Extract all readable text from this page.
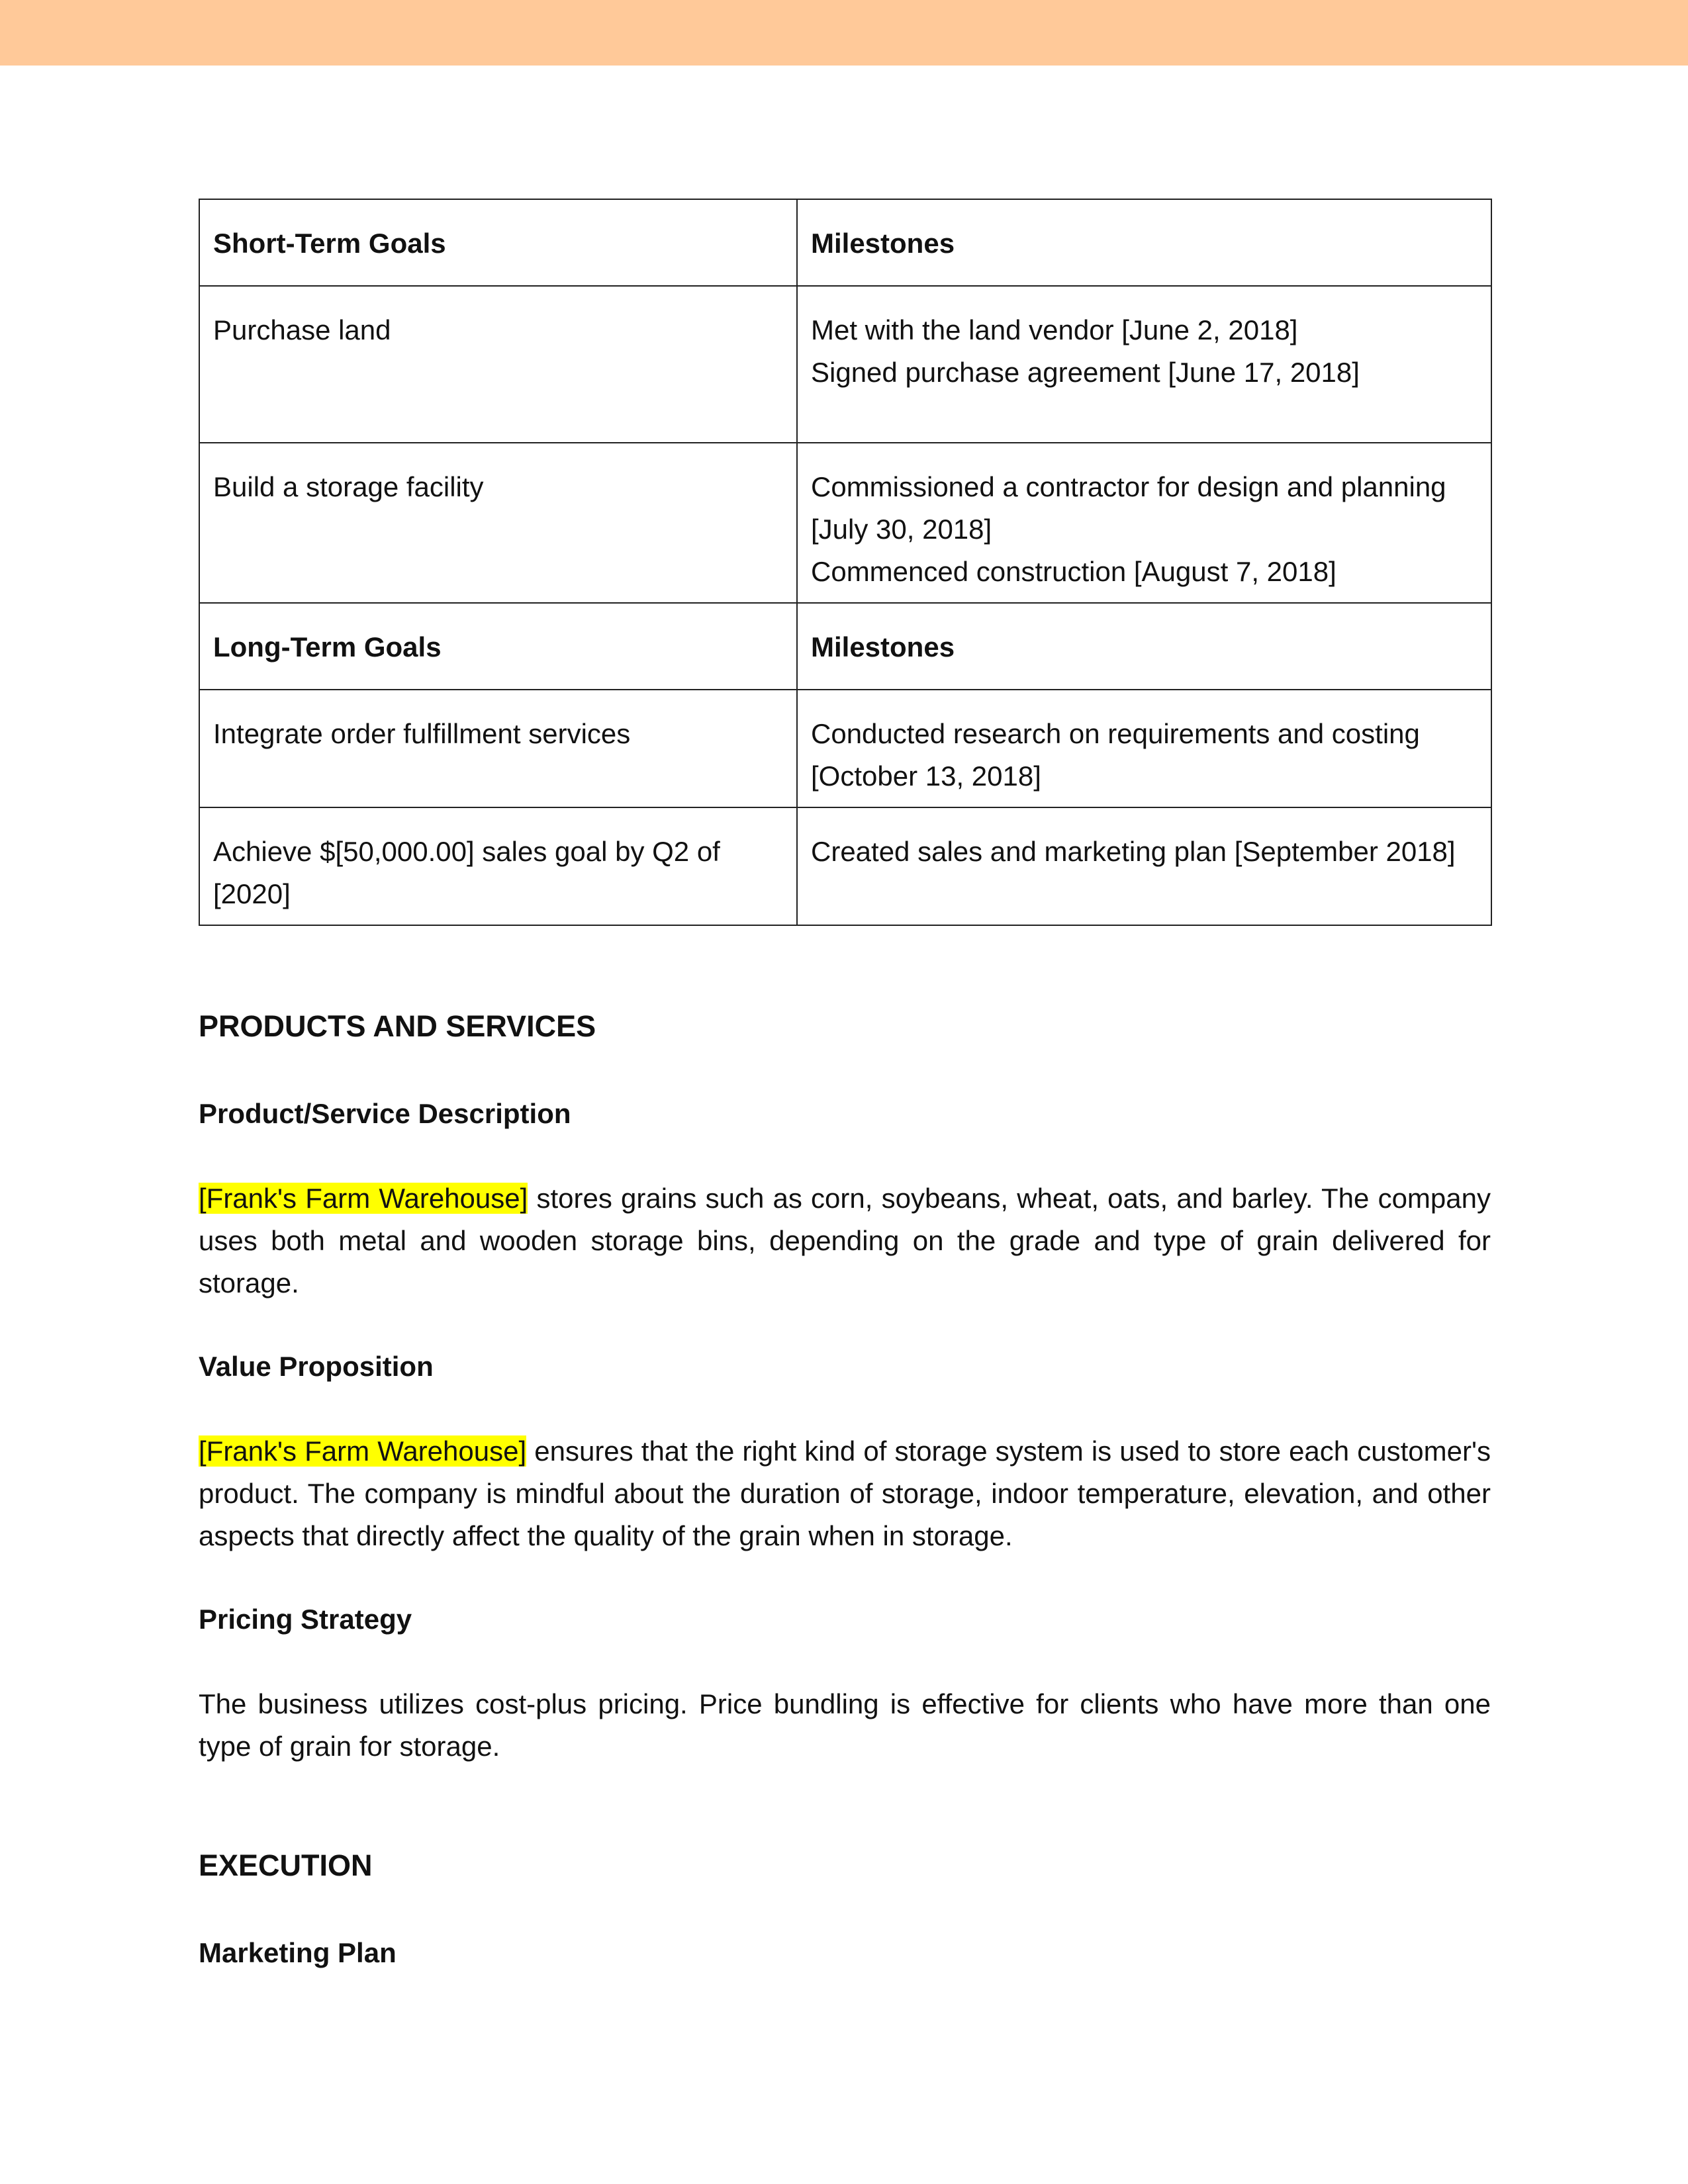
Short-Term Goals	Milestones
Purchase land	Met with the land vendor [June 2, 2018]
Signed purchase agreement [June 17, 2018]

Build a storage facility	Commissioned a contractor for design and planning [July 30, 2018]
Commenced construction [August 7, 2018]

Long-Term Goals	Milestones
Integrate order fulfillment services	Conducted research on requirements and costing [October 13, 2018]

Achieve $[50,000.00] sales goal by Q2 of [2020]	Created sales and marketing plan [September 2018]
PRODUCTS AND SERVICES
Product/Service Description

[Frank's Farm Warehouse] stores grains such as corn, soybeans, wheat, oats, and barley. The company uses both metal and wooden storage bins, depending on the grade and type of grain delivered for storage.

Value Proposition

[Frank's Farm Warehouse] ensures that the right kind of storage system is used to store each customer's product. The company is mindful about the duration of storage, indoor temperature, elevation, and other aspects that directly affect the quality of the grain when in storage.

Pricing Strategy

The business utilizes cost-plus pricing. Price bundling is effective for clients who have more than one type of grain for storage.

EXECUTION
Marketing Plan
